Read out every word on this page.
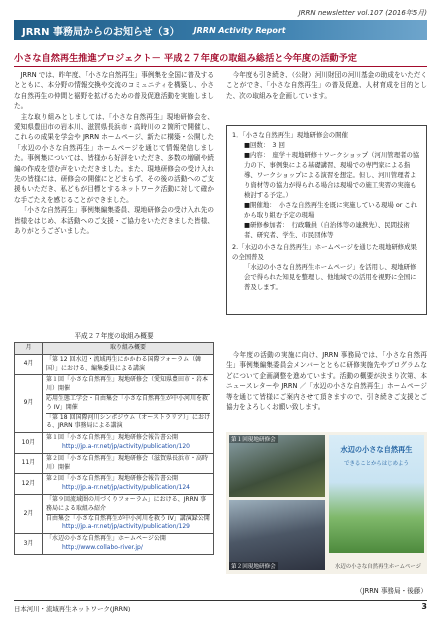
JRRN newsletter vol.107 (2016年5月)
JRRN 事務局からのお知らせ（3） JRRN Activity Report
小さな自然再生推進プロジェクト－ 平成２７年度の取組み総括と今年度の活動予定

JRRN では、昨年度、「小さな自然再生」事例集を全国に普及するとともに、本分野の情報交換や交流のコミュニティを構築し、小さな自然再生の仲間と裾野を拡げるための普及促進活動を実施しました。

主な取り組みとしましては、「小さな自然再生」現地研修会を、愛知県豊田市の岩本川、滋賀県長浜市・高時川の２箇所で開催し、これらの成果を学会や JRRN ホームページ、新たに構築・公開した「水辺の小さな自然再生」ホームページを通じて情報発信しました。事例集については、皆様から好評をいただき、多数の増刷や続編の作成を望む声をいただきました。また、現地研修会の受け入れ先の皆様には、研修会の開催にとどまらず、その後の活動へのご支援もいただき、私どもが目標とするネットワーク活動に対して確かな手ごたえを感じることができました。

「小さな自然再生」事例集編集委員、現地研修会の受け入れ先の皆様をはじめ、本活動へのご支援・ご協力をいただきました皆様、ありがとうございました。

平成２７年度の取組み概要
月	取り組み概要
4月	「第 12 回水辺・流域再生にかかわる国際フォーラム（韓国）」における、編集委員による講演

9月	第１回「小さな自然再生」現地研修会（愛知県豊田市・岩本川）開催
応用生態工学会・自由集会「小さな自然再生が中小河川を救う IV」開催
「第 18 回国際河川シンポジウム（オーストラリア）」における、JRRN 事務局による講演

10月	第１回「小さな自然再生」現地研修会報告書公開
http://jp.a-rr.net/jp/activity/publication/120

11月	第２回「小さな自然再生」現地研修会（滋賀県長浜市・高時川）開催

12月	第２回「小さな自然再生」現地研修会報告書公開
http://jp.a-rr.net/jp/activity/publication/124

2月	「第９回流域圏の川づくりフォーラム」における、JRRN 事務局による取組み紹介
自由集会「小さな自然再生が中小河川を救う IV」講演録公開
http://jp.a-rr.net/jp/activity/publication/129

3月	「水辺の小さな自然再生」ホームページ公開
http://www.collabo-river.jp/

今年度も引き続き、（公財）河川財団の河川基金の助成をいただくことができ、「小さな自然再生」の普及促進、人材育成を目的とした、次の取組みを企画しています。

1．「小さな自然再生」現地研修会の開催
■回数：　3 回
■内容：　座学＋現地研修＋ワークショップ（河川管理者の協力の下、事例集による基礎講習、現場での専門家による指導、ワークショップによる演習を想定。但し、河川管理者より資材等の協力が得られる場合は現場での施工実習の実施も検討する予定。）
■開催地：　小さな自然再生を既に実施している現場 or これから取り組む予定の現場
■研修参加者：　行政職員（自治体等の連携先）、民間技術者、研究者、学生、市民団体等
2.「水辺の小さな自然再生」ホームページを通じた現地研修成果の全国普及
「水辺の小さな自然再生ホームページ」を活用し、現地研修会で得られた知見を整理し、他地域での活用を視野に全国に普及します。

今年度の活動の実施に向け、JRRN 事務局では、「小さな自然再生」事例集編集委員会メンバーとともに研修実施先やプログラムなどについて企画調整を進めています。活動の概要が決まり次第、本ニュースレターや JRRN ／「水辺の小さな自然再生」ホームページ等を通じて皆様にご案内させて頂きますので、引き続きご支援とご協力をよろしくお願い致します。

第１回現地研修会
第２回現地研修会
水辺の小さな自然再生
できることからはじめよう
水辺の小さな自然再生ホームページ
（JRRN 事務局・後藤）
日本河川・流域再生ネットワーク(JRRN)	3
